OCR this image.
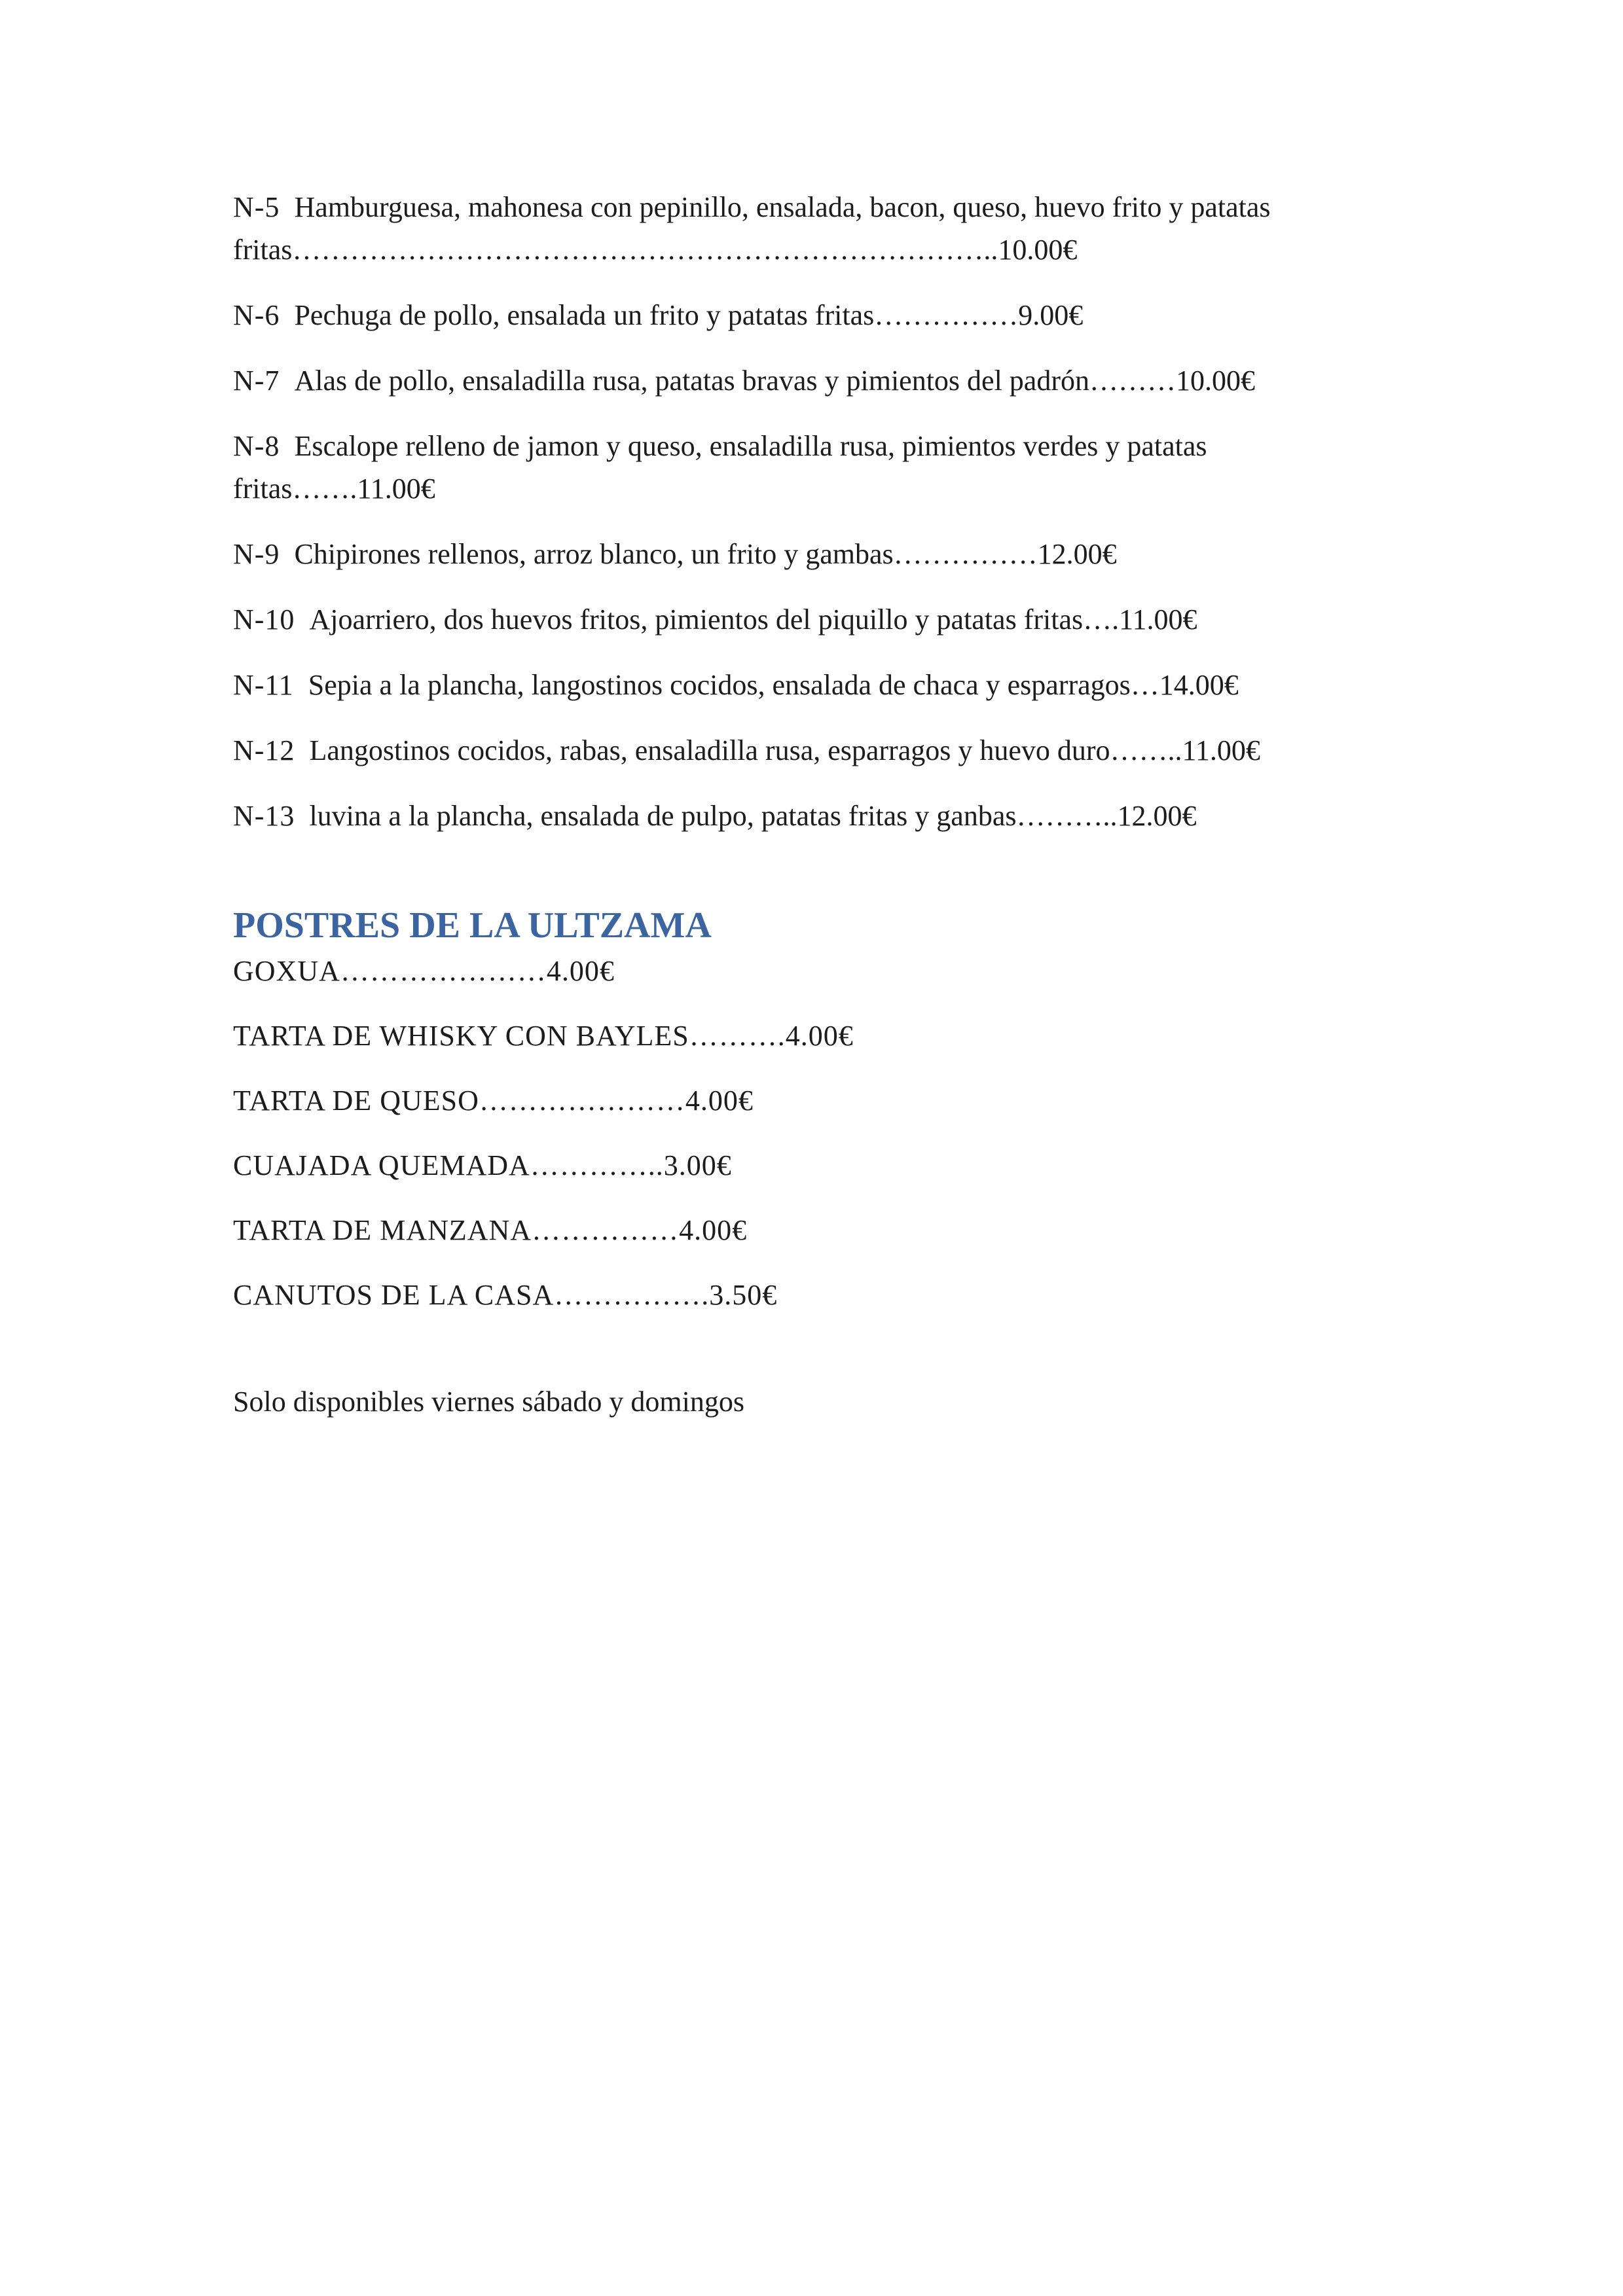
N-5 Hamburguesa, mahonesa con pepinillo, ensalada, bacon, queso, huevo frito y patatas fritas………………………………………………………………..10.00€

N-6 Pechuga de pollo, ensalada un frito y patatas fritas……………9.00€

N-7 Alas de pollo, ensaladilla rusa, patatas bravas y pimientos del padrón………10.00€

N-8 Escalope relleno de jamon y queso, ensaladilla rusa, pimientos verdes y patatas fritas…….11.00€

N-9 Chipirones rellenos, arroz blanco, un frito y gambas……………12.00€

N-10 Ajoarriero, dos huevos fritos, pimientos del piquillo y patatas fritas….11.00€

N-11 Sepia a la plancha, langostinos cocidos, ensalada de chaca y esparragos…14.00€

N-12 Langostinos cocidos, rabas, ensaladilla rusa, esparragos y huevo duro……..11.00€

N-13 luvina a la plancha, ensalada de pulpo, patatas fritas y ganbas………..12.00€

POSTRES DE LA ULTZAMA

GOXUA…………………4.00€

TARTA DE WHISKY CON BAYLES……….4.00€

TARTA DE QUESO…………………4.00€

CUAJADA QUEMADA…………..3.00€

TARTA DE MANZANA……………4.00€

CANUTOS DE LA CASA…………….3.50€

Solo disponibles viernes sábado y domingos
